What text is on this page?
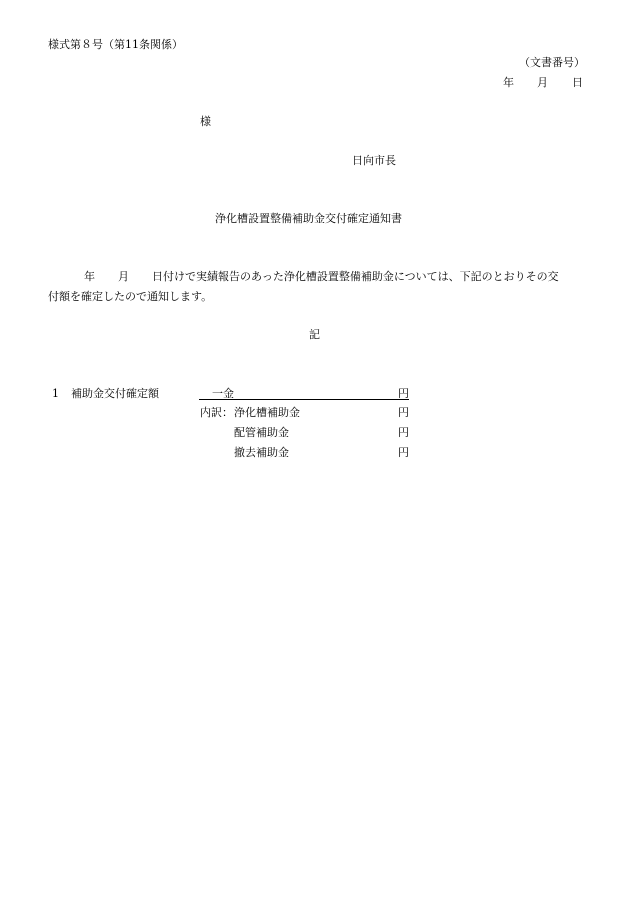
様式第８号（第11条関係）
（文書番号）
年 月 日
様
日向市長
浄化槽設置整備補助金交付確定通知書
年 月 日付けで実績報告のあった浄化槽設置整備補助金については、下記のとおりその交
付額を確定したので通知します。
記
1 補助金交付確定額	一金	円
内訳： 浄化槽補助金	円
配管補助金	円
撤去補助金	円
